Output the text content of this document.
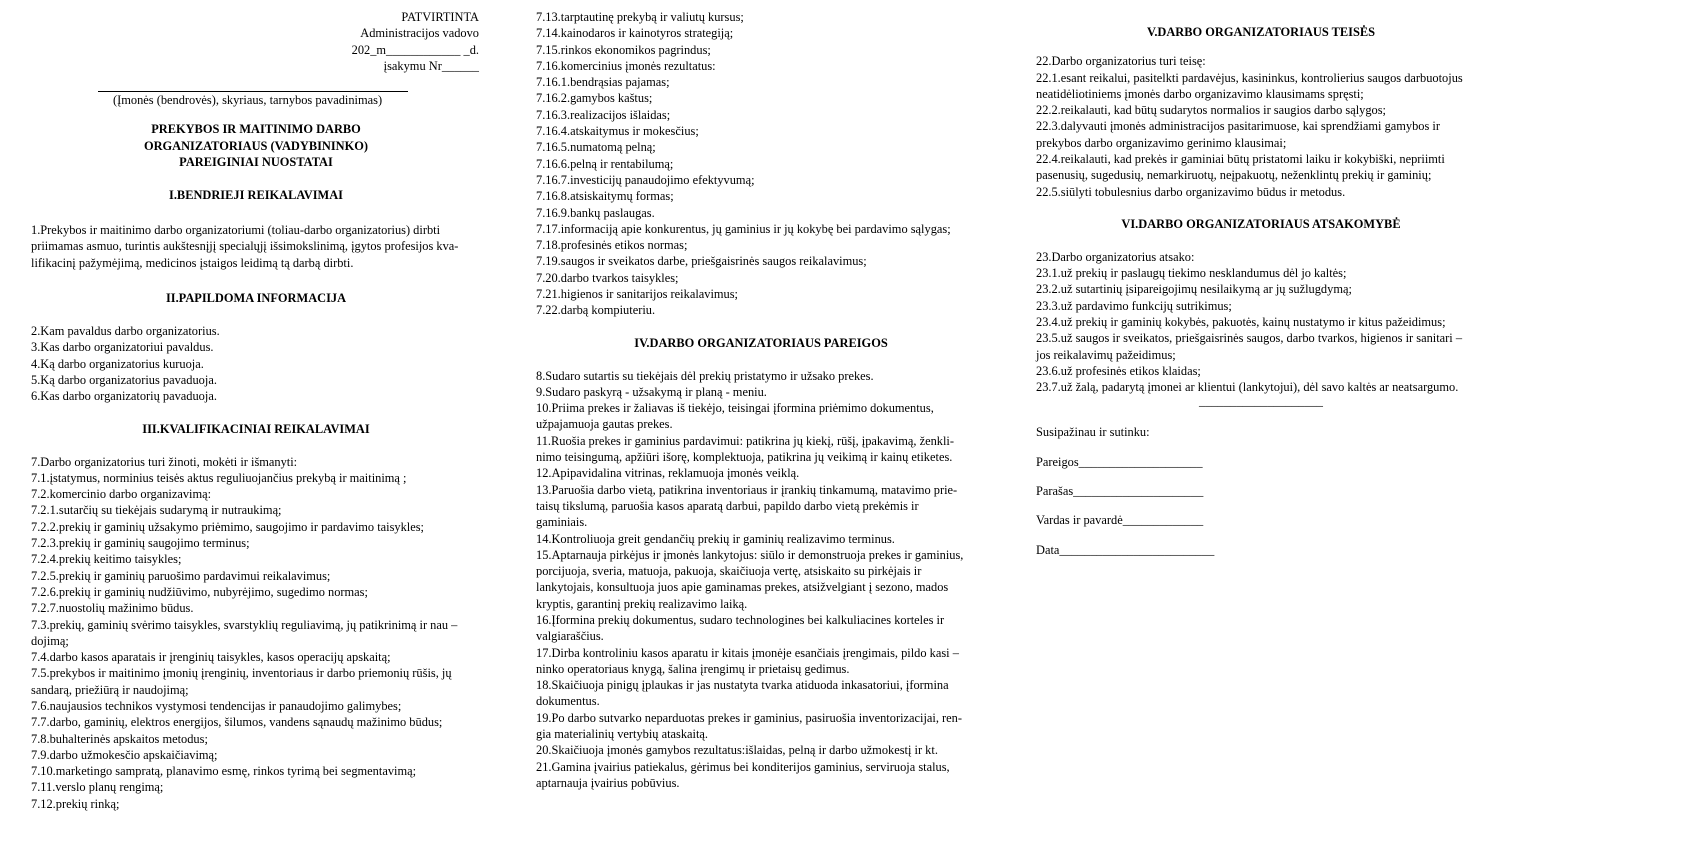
PATVIRTINTA
Administracijos vadovo
202_m____________ _d.
įsakymu Nr______
(Įmonės (bendrovės), skyriaus, tarnybos pavadinimas)
PREKYBOS IR MAITINIMO DARBO
ORGANIZATORIAUS (VADYBININKO)
PAREIGINIAI NUOSTATAI
I.BENDRIEJI REIKALAVIMAI
1.Prekybos ir maitinimo darbo organizatoriumi (toliau-darbo organizatorius) dirbti
priimamas asmuo, turintis aukštesnįjį specialųjį išsimokslinimą, įgytos profesijos kva-
lifikacinį pažymėjimą, medicinos įstaigos leidimą tą darbą dirbti.
II.PAPILDOMA INFORMACIJA
2.Kam pavaldus darbo organizatorius.
3.Kas darbo organizatoriui pavaldus.
4.Ką darbo organizatorius kuruoja.
5.Ką darbo organizatorius pavaduoja.
6.Kas darbo organizatorių pavaduoja.
III.KVALIFIKACINIAI REIKALAVIMAI
7.Darbo organizatorius turi žinoti, mokėti ir išmanyti:
7.1.įstatymus, norminius teisės aktus reguliuojančius prekybą ir maitinimą ;
7.2.komercinio darbo organizavimą:
7.2.1.sutarčių su tiekėjais sudarymą ir nutraukimą;
7.2.2.prekių ir gaminių užsakymo priėmimo, saugojimo ir pardavimo taisykles;
7.2.3.prekių ir gaminių saugojimo terminus;
7.2.4.prekių keitimo taisykles;
7.2.5.prekių ir gaminių paruošimo pardavimui reikalavimus;
7.2.6.prekių ir gaminių nudžiūvimo, nubyrėjimo, sugedimo normas;
7.2.7.nuostolių mažinimo būdus.
7.3.prekių, gaminių svėrimo taisykles, svarstyklių reguliavimą, jų patikrinimą ir nau –
dojimą;
7.4.darbo kasos aparatais ir įrenginių taisykles, kasos operacijų apskaitą;
7.5.prekybos ir maitinimo įmonių įrenginių, inventoriaus ir darbo priemonių rūšis, jų
sandarą, priežiūrą ir naudojimą;
7.6.naujausios technikos vystymosi tendencijas ir panaudojimo galimybes;
7.7.darbo, gaminių, elektros energijos, šilumos, vandens sąnaudų mažinimo būdus;
7.8.buhalterinės apskaitos metodus;
7.9.darbo užmokesčio apskaičiavimą;
7.10.marketingo sampratą, planavimo esmę, rinkos tyrimą bei segmentavimą;
7.11.verslo planų rengimą;
7.12.prekių rinką;
7.13.tarptautinę prekybą ir valiutų kursus;
7.14.kainodaros ir kainotyros strategiją;
7.15.rinkos ekonomikos pagrindus;
7.16.komercinius įmonės rezultatus:
7.16.1.bendrąsias pajamas;
7.16.2.gamybos kaštus;
7.16.3.realizacijos išlaidas;
7.16.4.atskaitymus ir mokesčius;
7.16.5.numatomą pelną;
7.16.6.pelną ir rentabilumą;
7.16.7.investicijų panaudojimo efektyvumą;
7.16.8.atsiskaitymų formas;
7.16.9.bankų paslaugas.
7.17.informaciją apie konkurentus, jų gaminius ir jų kokybę bei pardavimo sąlygas;
7.18.profesinės etikos normas;
7.19.saugos ir sveikatos darbe, priešgaisrinės saugos reikalavimus;
7.20.darbo tvarkos taisykles;
7.21.higienos ir sanitarijos reikalavimus;
7.22.darbą kompiuteriu.
IV.DARBO ORGANIZATORIAUS PAREIGOS
8.Sudaro sutartis su tiekėjais dėl prekių pristatymo ir užsako prekes.
9.Sudaro paskyrą - užsakymą ir planą - meniu.
10.Priima prekes ir žaliavas iš tiekėjo, teisingai įformina priėmimo dokumentus,
užpajamuoja gautas prekes.
11.Ruošia prekes ir gaminius pardavimui: patikrina jų kiekį, rūšį, įpakavimą, ženkli-
nimo teisingumą, apžiūri išorę, komplektuoja, patikrina jų veikimą ir kainų etiketes.
12.Apipavidalina vitrinas, reklamuoja įmonės veiklą.
13.Paruošia darbo vietą, patikrina inventoriaus ir įrankių tinkamumą, matavimo prie-
taisų tikslumą, paruošia kasos aparatą darbui, papildo darbo vietą prekėmis ir
gaminiais.
14.Kontroliuoja greit gendančių prekių ir gaminių realizavimo terminus.
15.Aptarnauja pirkėjus ir įmonės lankytojus: siūlo ir demonstruoja prekes ir gaminius,
porcijuoja, sveria, matuoja, pakuoja, skaičiuoja vertę, atsiskaito su pirkėjais ir
lankytojais, konsultuoja juos apie gaminamas prekes, atsižvelgiant į sezono, mados
kryptis, garantinį prekių realizavimo laiką.
16.Įformina prekių dokumentus, sudaro technologines bei kalkuliacines korteles ir
valgiaraščius.
17.Dirba kontroliniu kasos aparatu ir kitais įmonėje esančiais įrengimais, pildo kasi –
ninko operatoriaus knygą, šalina įrengimų ir prietaisų gedimus.
18.Skaičiuoja pinigų įplaukas ir jas nustatyta tvarka atiduoda inkasatoriui, įformina
dokumentus.
19.Po darbo sutvarko neparduotas prekes ir gaminius, pasiruošia inventorizacijai, ren-
gia materialinių vertybių ataskaitą.
20.Skaičiuoja įmonės gamybos rezultatus:išlaidas, pelną ir darbo užmokestį ir kt.
21.Gamina įvairius patiekalus, gėrimus bei konditerijos gaminius, serviruoja stalus,
aptarnauja įvairius pobūvius.
V.DARBO ORGANIZATORIAUS TEISĖS
22.Darbo organizatorius turi teisę:
22.1.esant reikalui, pasitelkti pardavėjus, kasininkus, kontrolierius saugos darbuotojus
neatidėliotiniems įmonės darbo organizavimo klausimams spręsti;
22.2.reikalauti, kad būtų sudarytos normalios ir saugios darbo sąlygos;
22.3.dalyvauti įmonės administracijos pasitarimuose, kai sprendžiami gamybos ir
prekybos darbo organizavimo gerinimo klausimai;
22.4.reikalauti, kad prekės ir gaminiai būtų pristatomi laiku ir kokybiški, nepriimti
pasenusių, sugedusių, nemarkiruotų, neįpakuotų, neženklintų prekių ir gaminių;
22.5.siūlyti tobulesnius darbo organizavimo būdus ir metodus.
VI.DARBO ORGANIZATORIAUS ATSAKOMYBĖ
23.Darbo organizatorius atsako:
23.1.už prekių ir paslaugų tiekimo nesklandumus dėl jo kaltės;
23.2.už sutartinių įsipareigojimų nesilaikymą ar jų sužlugdymą;
23.3.už pardavimo funkcijų sutrikimus;
23.4.už prekių ir gaminių kokybės, pakuotės, kainų nustatymo ir kitus pažeidimus;
23.5.už saugos ir sveikatos, priešgaisrinės saugos, darbo tvarkos, higienos ir sanitari –
jos reikalavimų pažeidimus;
23.6.už profesinės etikos klaidas;
23.7.už žalą, padarytą įmonei ar klientui (lankytojui), dėl savo kaltės ar neatsargumo.
____________________
Susipažinau ir sutinku:
Pareigos____________________
Parašas_____________________
Vardas ir pavardė_____________
Data_________________________
